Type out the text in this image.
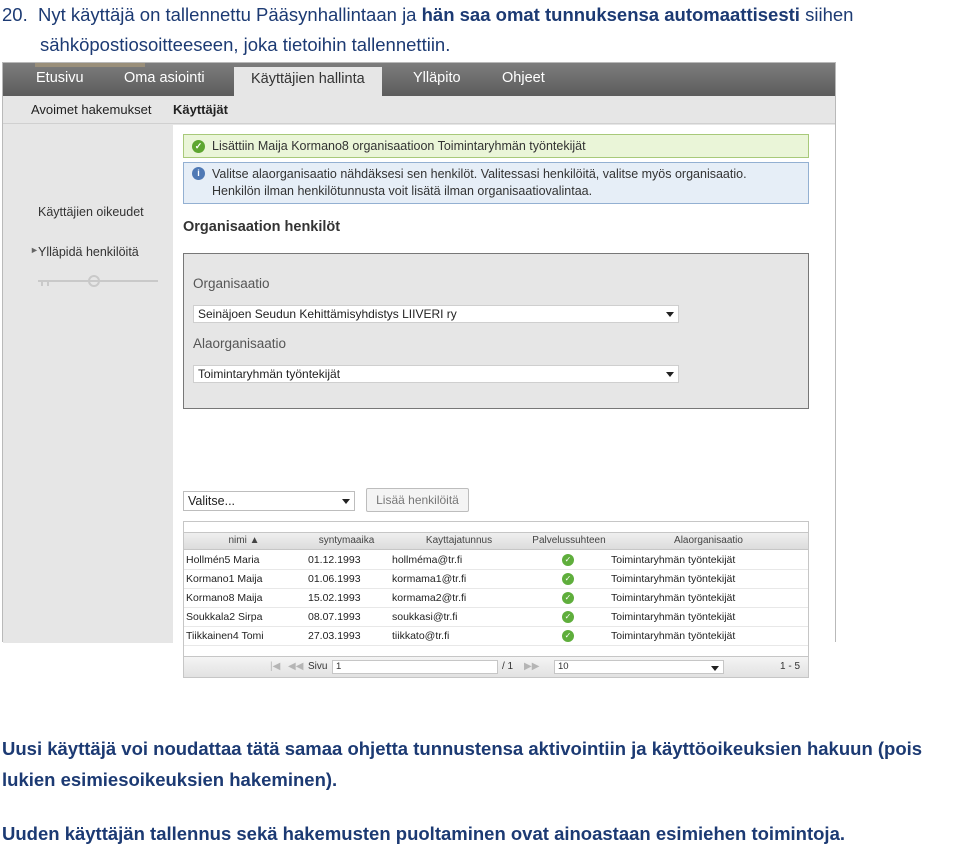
20. Nyt käyttäjä on tallennettu Pääsynhallintaan ja hän saa omat tunnuksensa automaattisesti siihen
sähköpostiosoitteeseen, joka tietoihin tallennettiin.
Etusivu	Oma asiointi	Käyttäjien hallinta	Ylläpito	Ohjeet
Avoimet hakemukset Käyttäjät
Käyttäjien oikeudet
► Ylläpidä henkilöitä
✓ Lisättiin Maija Kormano8 organisaatioon Toimintaryhmän työntekijät
i Valitse alaorganisaatio nähdäksesi sen henkilöt. Valitessasi henkilöitä, valitse myös organisaatio.
Henkilön ilman henkilötunnusta voit lisätä ilman organisaatiovalintaa.
Organisaation henkilöt
Organisaatio
Seinäjoen Seudun Kehittämisyhdistys LIIVERI ry
Alaorganisaatio
Toimintaryhmän työntekijät
Valitse...	Lisää henkilöitä
nimi ▲	syntymaaika	Kayttajatunnus	Palvelussuhteen	Alaorganisaatio
Hollmén5 Maria	01.12.1993	hollméma@tr.fi	✓	Toimintaryhmän työntekijät
Kormano1 Maija	01.06.1993	kormama1@tr.fi	✓	Toimintaryhmän työntekijät
Kormano8 Maija	15.02.1993	kormama2@tr.fi	✓	Toimintaryhmän työntekijät
Soukkala2 Sirpa	08.07.1993	soukkasi@tr.fi	✓	Toimintaryhmän työntekijät
Tiikkainen4 Tomi	27.03.1993	tiikkato@tr.fi	✓	Toimintaryhmän työntekijät
|◀ ◀◀ Sivu 1	/ 1 ▶▶	10	1 - 5
Uusi käyttäjä voi noudattaa tätä samaa ohjetta tunnustensa aktivointiin ja käyttöoikeuksien hakuun (pois lukien esimiesoikeuksien hakeminen).
Uuden käyttäjän tallennus sekä hakemusten puoltaminen ovat ainoastaan esimiehen toimintoja.
